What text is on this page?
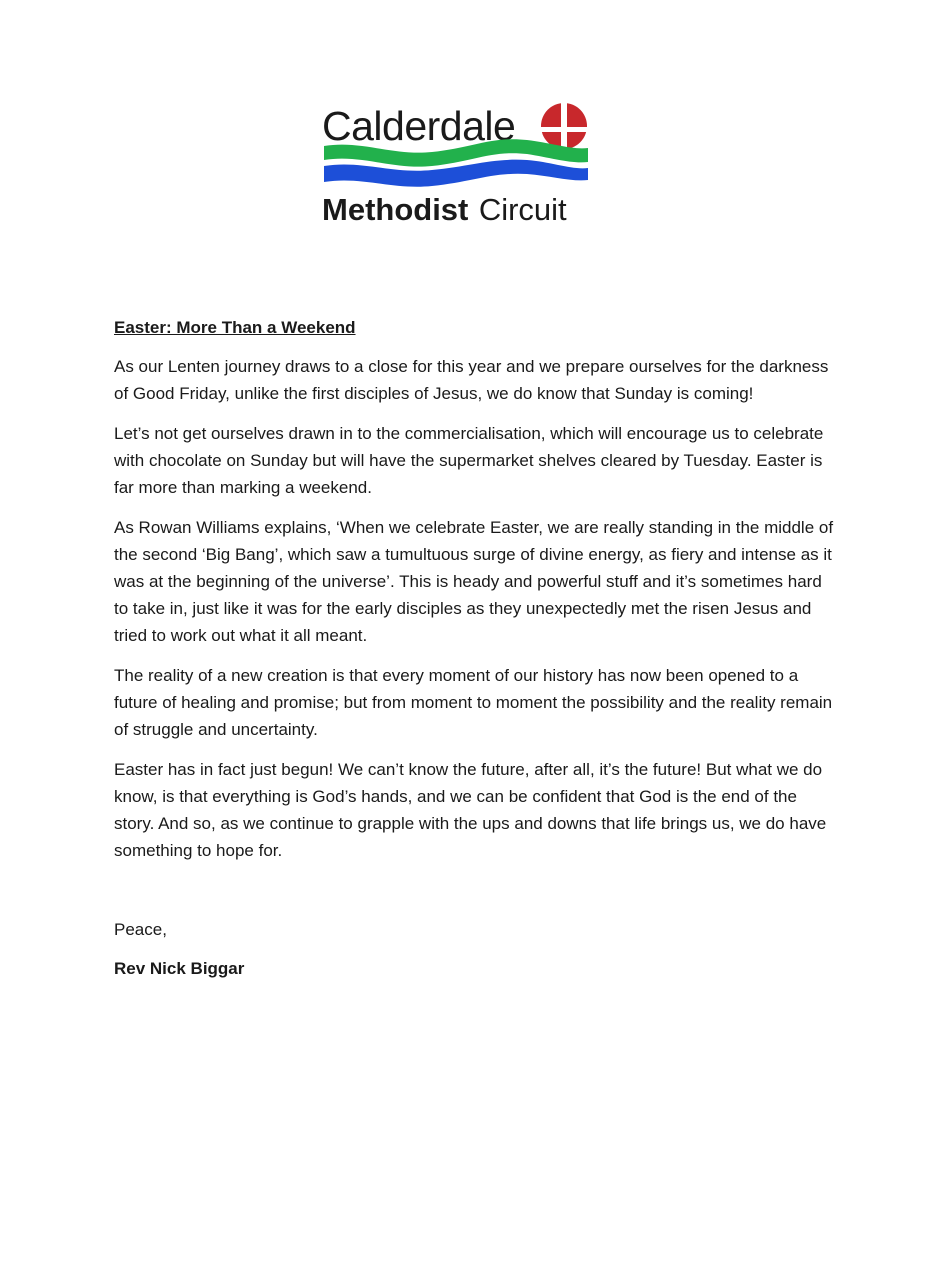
Calderdale
Methodist Circuit

Easter: More Than a Weekend

As our Lenten journey draws to a close for this year and we prepare ourselves for the darkness of Good Friday, unlike the first disciples of Jesus, we do know that Sunday is coming!

Let’s not get ourselves drawn in to the commercialisation, which will encourage us to celebrate with chocolate on Sunday but will have the supermarket shelves cleared by Tuesday. Easter is far more than marking a weekend.

As Rowan Williams explains, ‘When we celebrate Easter, we are really standing in the middle of the second ‘Big Bang’, which saw a tumultuous surge of divine energy, as fiery and intense as it was at the beginning of the universe’. This is heady and powerful stuff and it’s sometimes hard to take in, just like it was for the early disciples as they unexpectedly met the risen Jesus and tried to work out what it all meant.

The reality of a new creation is that every moment of our history has now been opened to a future of healing and promise; but from moment to moment the possibility and the reality remain of struggle and uncertainty.

Easter has in fact just begun! We can’t know the future, after all, it’s the future! But what we do know, is that everything is God’s hands, and we can be confident that God is the end of the story. And so, as we continue to grapple with the ups and downs that life brings us, we do have something to hope for.

Peace,

Rev Nick Biggar
